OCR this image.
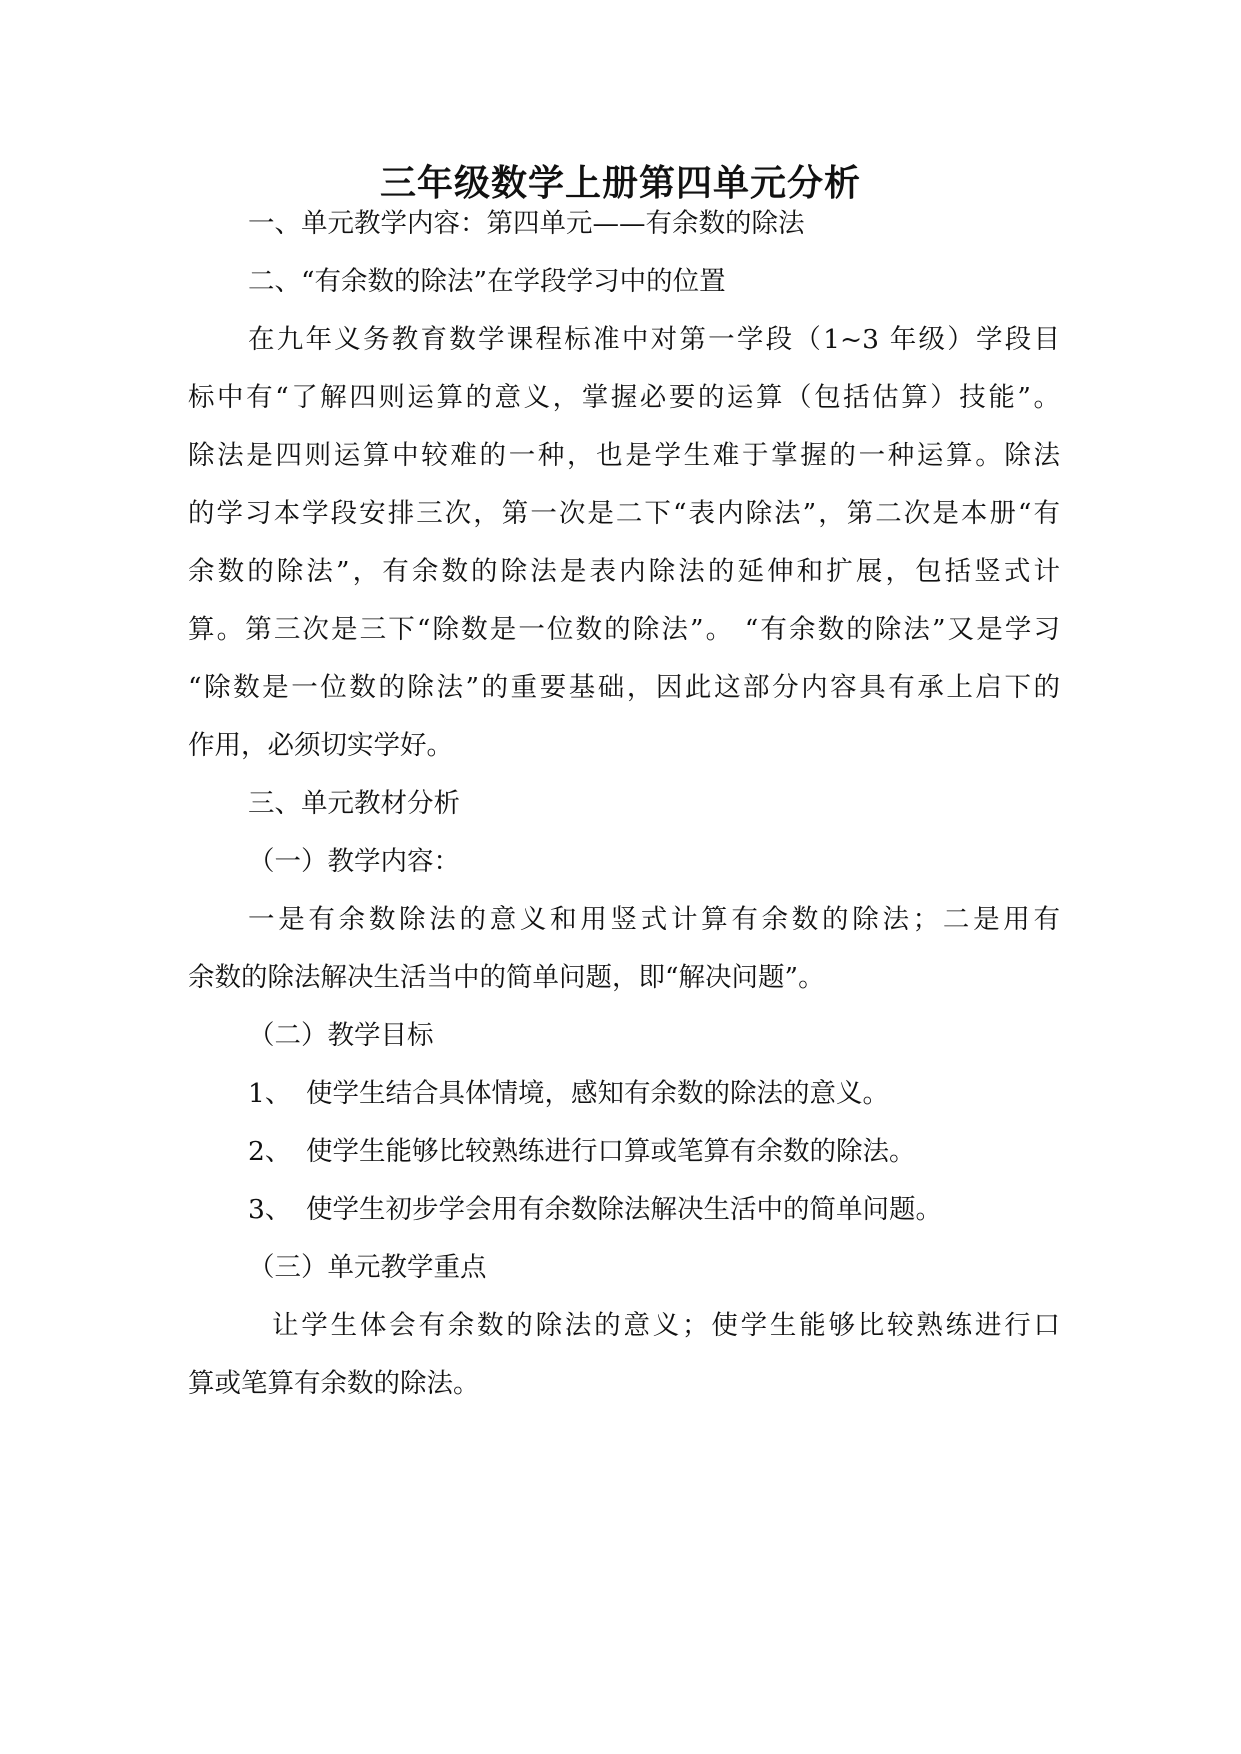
三年级数学上册第四单元分析
一、单元教学内容：第四单元——有余数的除法
二、“有余数的除法”在学段学习中的位置
在九年义务教育数学课程标准中对第一学段（1~3 年级）学段目
标中有“了解四则运算的意义，掌握必要的运算（包括估算）技能”。
除法是四则运算中较难的一种，也是学生难于掌握的一种运算。除法
的学习本学段安排三次，第一次是二下“表内除法”，第二次是本册“有
余数的除法”，有余数的除法是表内除法的延伸和扩展，包括竖式计
算。第三次是三下“除数是一位数的除法”。 “有余数的除法”又是学习
“除数是一位数的除法”的重要基础，因此这部分内容具有承上启下的
作用，必须切实学好。
三、单元教材分析
（一）教学内容：
一是有余数除法的意义和用竖式计算有余数的除法；二是用有
余数的除法解决生活当中的简单问题，即“解决问题”。
（二）教学目标
1、 使学生结合具体情境，感知有余数的除法的意义。
2、 使学生能够比较熟练进行口算或笔算有余数的除法。
3、 使学生初步学会用有余数除法解决生活中的简单问题。
（三）单元教学重点
让学生体会有余数的除法的意义；使学生能够比较熟练进行口
算或笔算有余数的除法。
